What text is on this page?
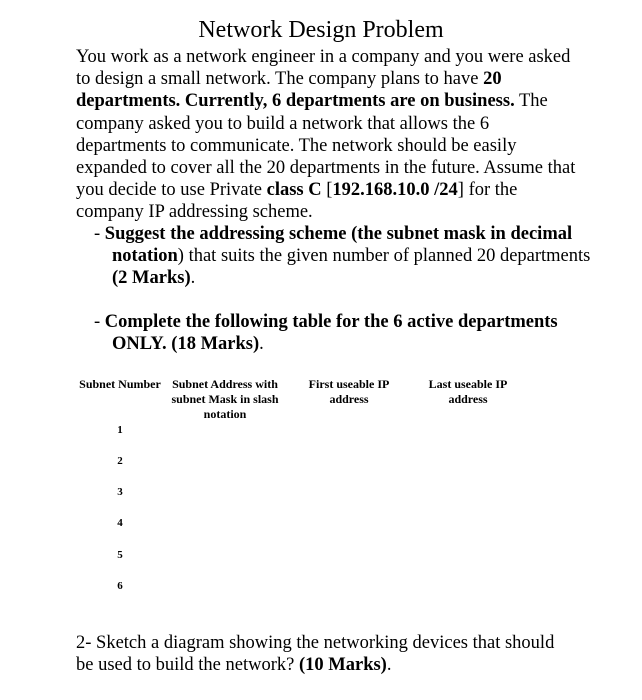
Network Design Problem
You work as a network engineer in a company and you were asked to design a small network. The company plans to have 20 departments. Currently, 6 departments are on business. The company asked you to build a network that allows the 6 departments to communicate. The network should be easily expanded to cover all the 20 departments in the future. Assume that you decide to use Private class C [192.168.10.0 /24] for the company IP addressing scheme.
- Suggest the addressing scheme (the subnet mask in decimal notation) that suits the given number of planned 20 departments (2 Marks).
- Complete the following table for the 6 active departments ONLY. (18 Marks).
Subnet Number Subnet Address with subnet Mask in slash notation
First useable IP address
Last useable IP address
1
2
3
4
5
6
2- Sketch a diagram showing the networking devices that should be used to build the network? (10 Marks).
